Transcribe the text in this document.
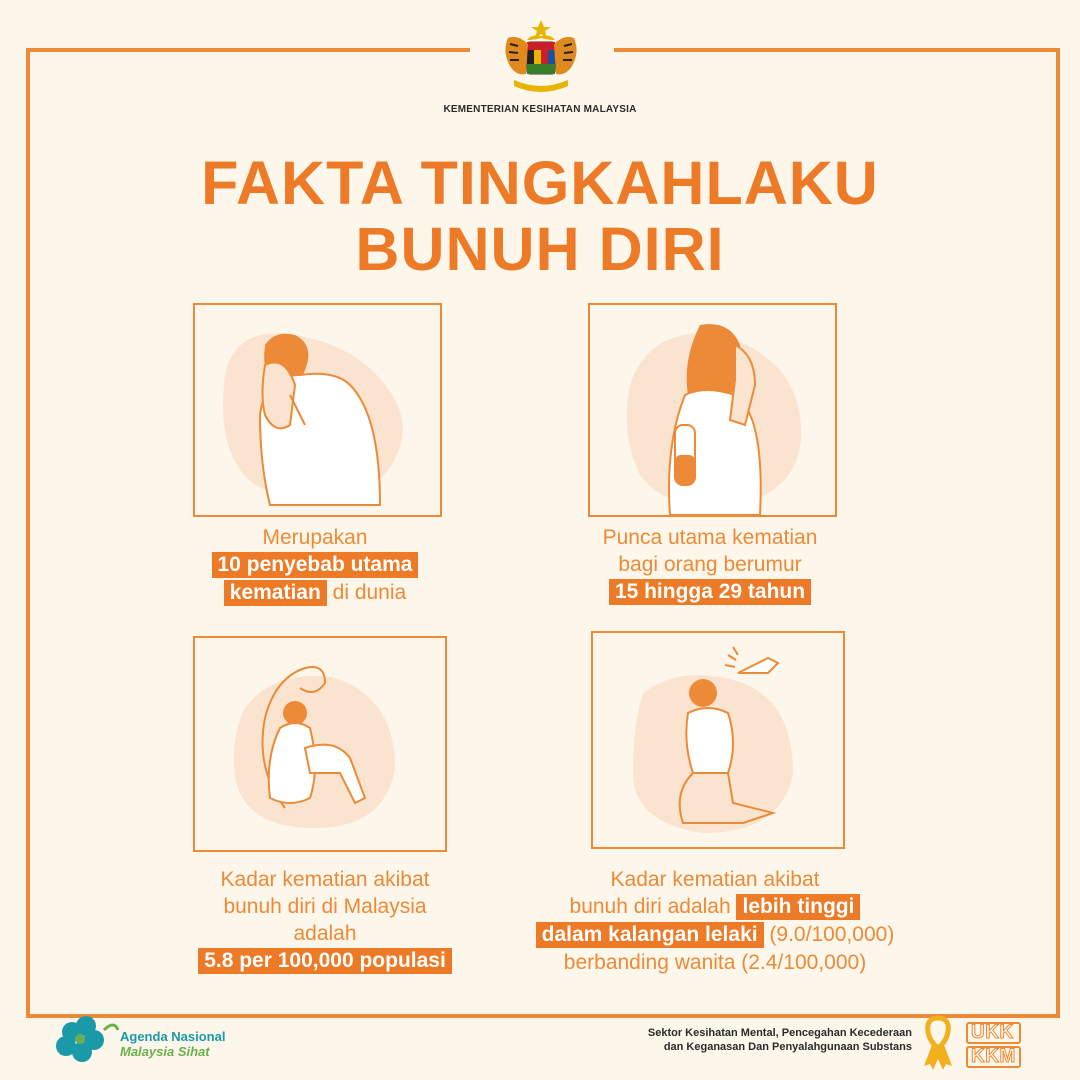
KEMENTERIAN KESIHATAN MALAYSIA
FAKTA TINGKAHLAKU
BUNUH DIRI
Merupakan
10 penyebab utama
kematian di dunia
Punca utama kematian
bagi orang berumur
15 hingga 29 tahun
Kadar kematian akibat
bunuh diri di Malaysia
adalah
5.8 per 100,000 populasi
Kadar kematian akibat
bunuh diri adalah lebih tinggi
dalam kalangan lelaki (9.0/100,000)
berbanding wanita (2.4/100,000)
Agenda Nasional
Malaysia Sihat
Sektor Kesihatan Mental, Pencegahan Kecederaan
dan Keganasan Dan Penyalahgunaan Substans
UKK
KKM
